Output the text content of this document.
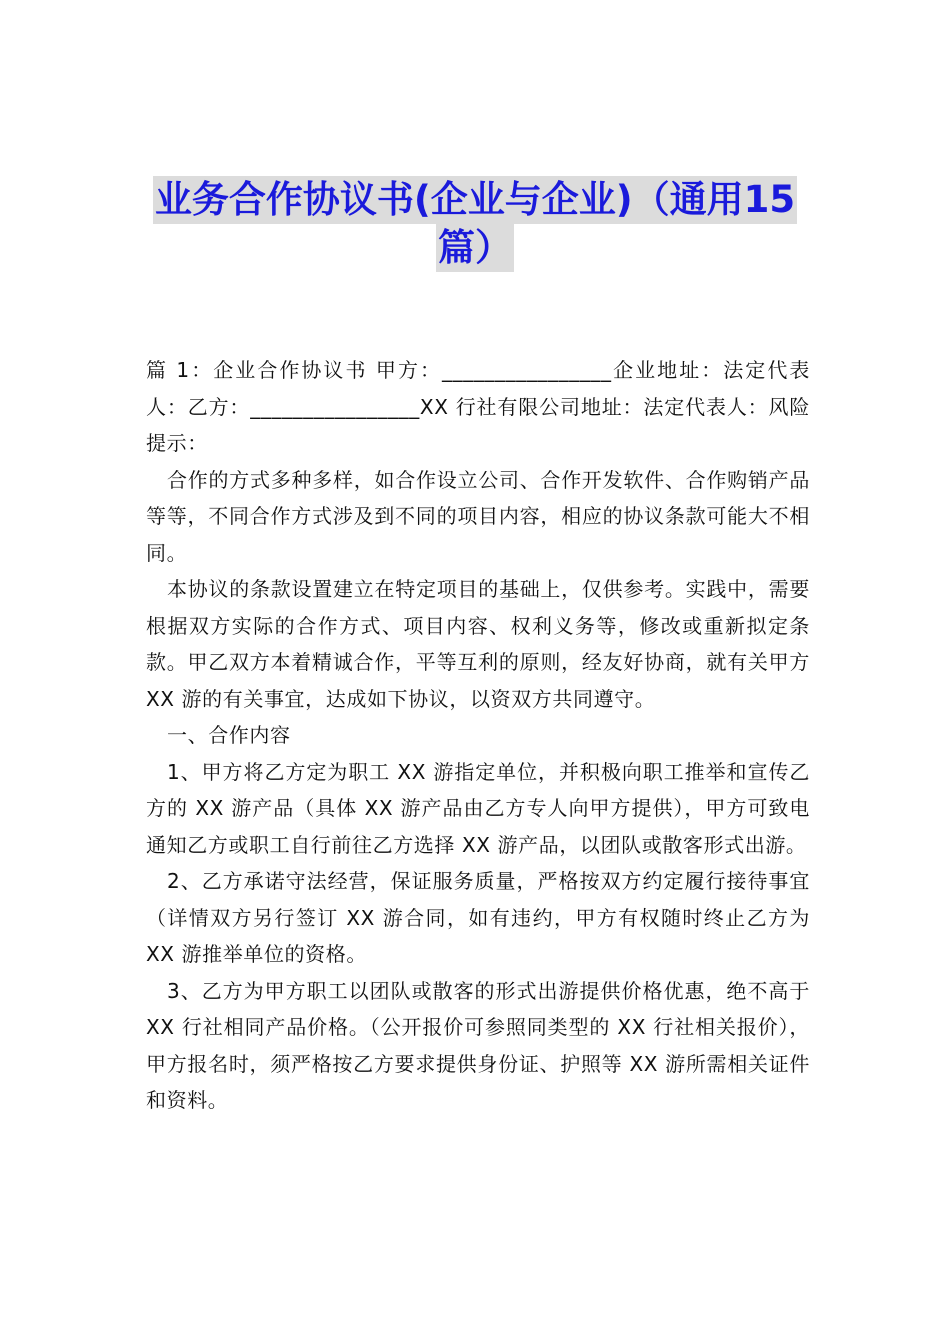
业务合作协议书(企业与企业)（通用15
篇）

篇 1：企业合作协议书 甲方：________________企业地址：法定代表人：乙方：________________XX 行社有限公司地址：法定代表人：风险提示：

合作的方式多种多样，如合作设立公司、合作开发软件、合作购销产品等等，不同合作方式涉及到不同的项目内容，相应的协议条款可能大不相同。

本协议的条款设置建立在特定项目的基础上，仅供参考。实践中，需要根据双方实际的合作方式、项目内容、权利义务等，修改或重新拟定条款。甲乙双方本着精诚合作，平等互利的原则，经友好协商，就有关甲方 XX 游的有关事宜，达成如下协议，以资双方共同遵守。

一、合作内容

1、甲方将乙方定为职工 XX 游指定单位，并积极向职工推举和宣传乙方的 XX 游产品（具体 XX 游产品由乙方专人向甲方提供），甲方可致电通知乙方或职工自行前往乙方选择 XX 游产品，以团队或散客形式出游。

2、乙方承诺守法经营，保证服务质量，严格按双方约定履行接待事宜（详情双方另行签订 XX 游合同，如有违约，甲方有权随时终止乙方为 XX 游推举单位的资格。

3、乙方为甲方职工以团队或散客的形式出游提供价格优惠，绝不高于 XX 行社相同产品价格。（公开报价可参照同类型的 XX 行社相关报价），甲方报名时，须严格按乙方要求提供身份证、护照等 XX 游所需相关证件和资料。
